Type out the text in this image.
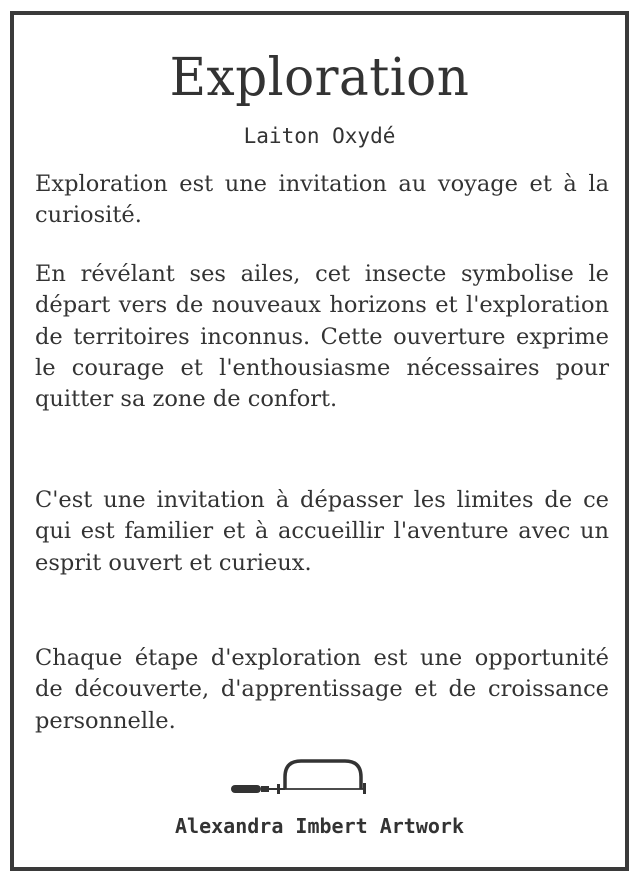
Exploration
Laiton Oxydé

Exploration est une invitation au voyage et à la curiosité.

En révélant ses ailes, cet insecte symbolise le départ vers de nouveaux horizons et l'exploration de territoires inconnus. Cette ouverture exprime le courage et l'enthousiasme nécessaires pour quitter sa zone de confort.

C'est une invitation à dépasser les limites de ce qui est familier et à accueillir l'aventure avec un esprit ouvert et curieux.

Chaque étape d'exploration est une opportunité de découverte, d'apprentissage et de croissance personnelle.

Alexandra Imbert Artwork
